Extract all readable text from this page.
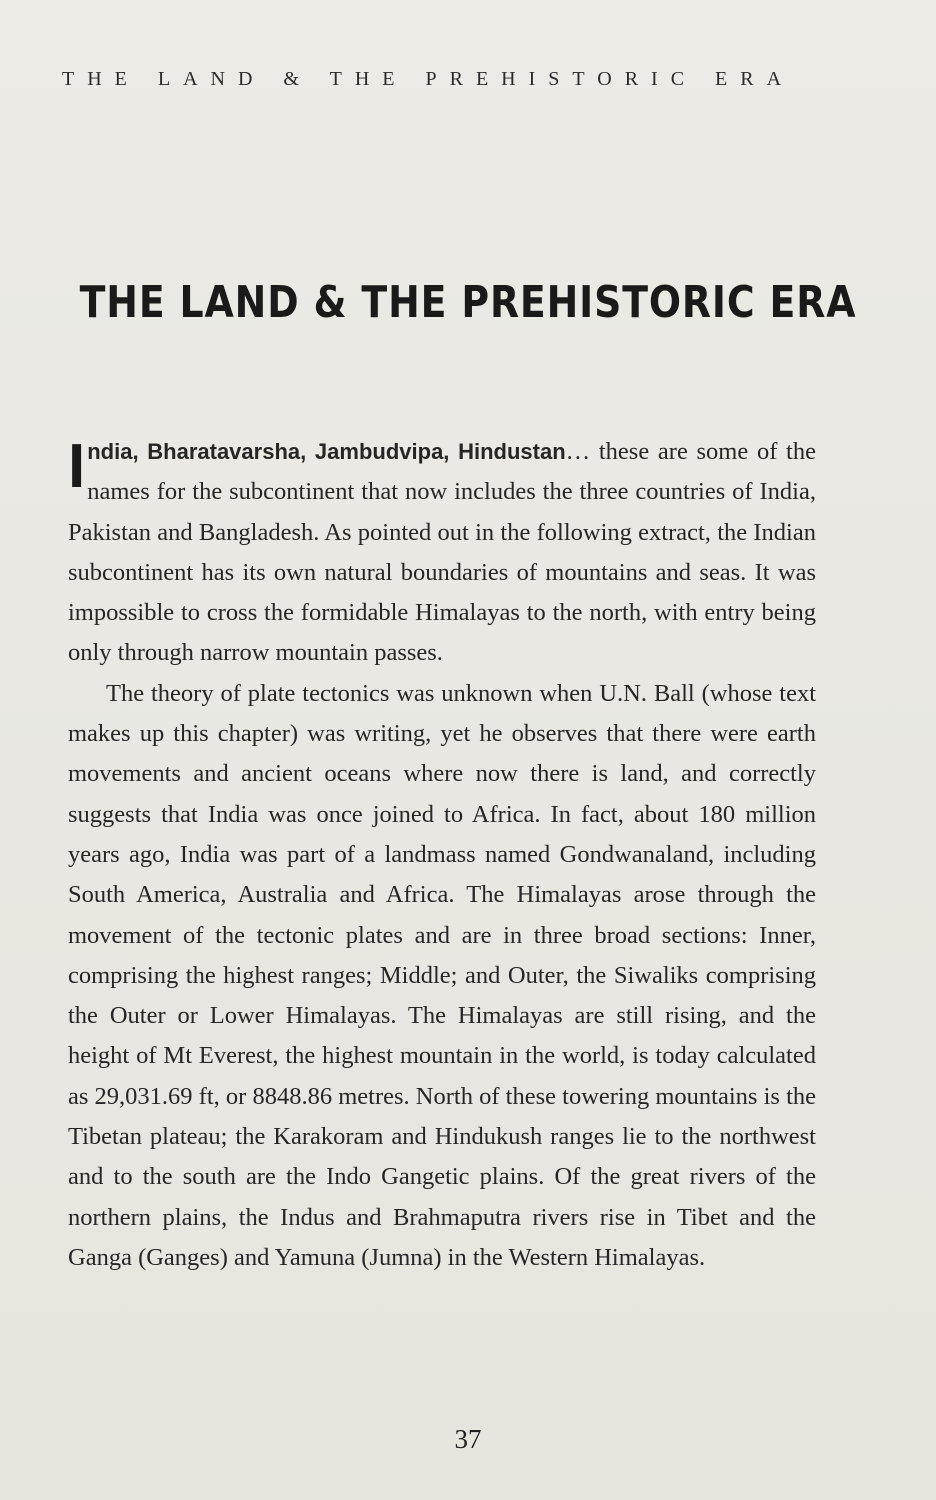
THE LAND & THE PREHISTORIC ERA
THE LAND & THE PREHISTORIC ERA

India, Bharatavarsha, Jambudvipa, Hindustan… these are some of the names for the subcontinent that now includes the three countries of India, Pakistan and Bangladesh. As pointed out in the following extract, the Indian subcontinent has its own natural boundaries of mountains and seas. It was impossible to cross the formidable Himalayas to the north, with entry being only through narrow mountain passes.

The theory of plate tectonics was unknown when U.N. Ball (whose text makes up this chapter) was writing, yet he observes that there were earth movements and ancient oceans where now there is land, and correctly suggests that India was once joined to Africa. In fact, about 180 million years ago, India was part of a landmass named Gondwanaland, including South America, Australia and Africa. The Himalayas arose through the movement of the tectonic plates and are in three broad sections: Inner, comprising the highest ranges; Middle; and Outer, the Siwaliks comprising the Outer or Lower Himalayas. The Himalayas are still rising, and the height of Mt Everest, the highest mountain in the world, is today calculated as 29,031.69 ft, or 8848.86 metres. North of these towering mountains is the Tibetan plateau; the Karakoram and Hindukush ranges lie to the northwest and to the south are the Indo Gangetic plains. Of the great rivers of the northern plains, the Indus and Brahmaputra rivers rise in Tibet and the Ganga (Ganges) and Yamuna (Jumna) in the Western Himalayas.

37
